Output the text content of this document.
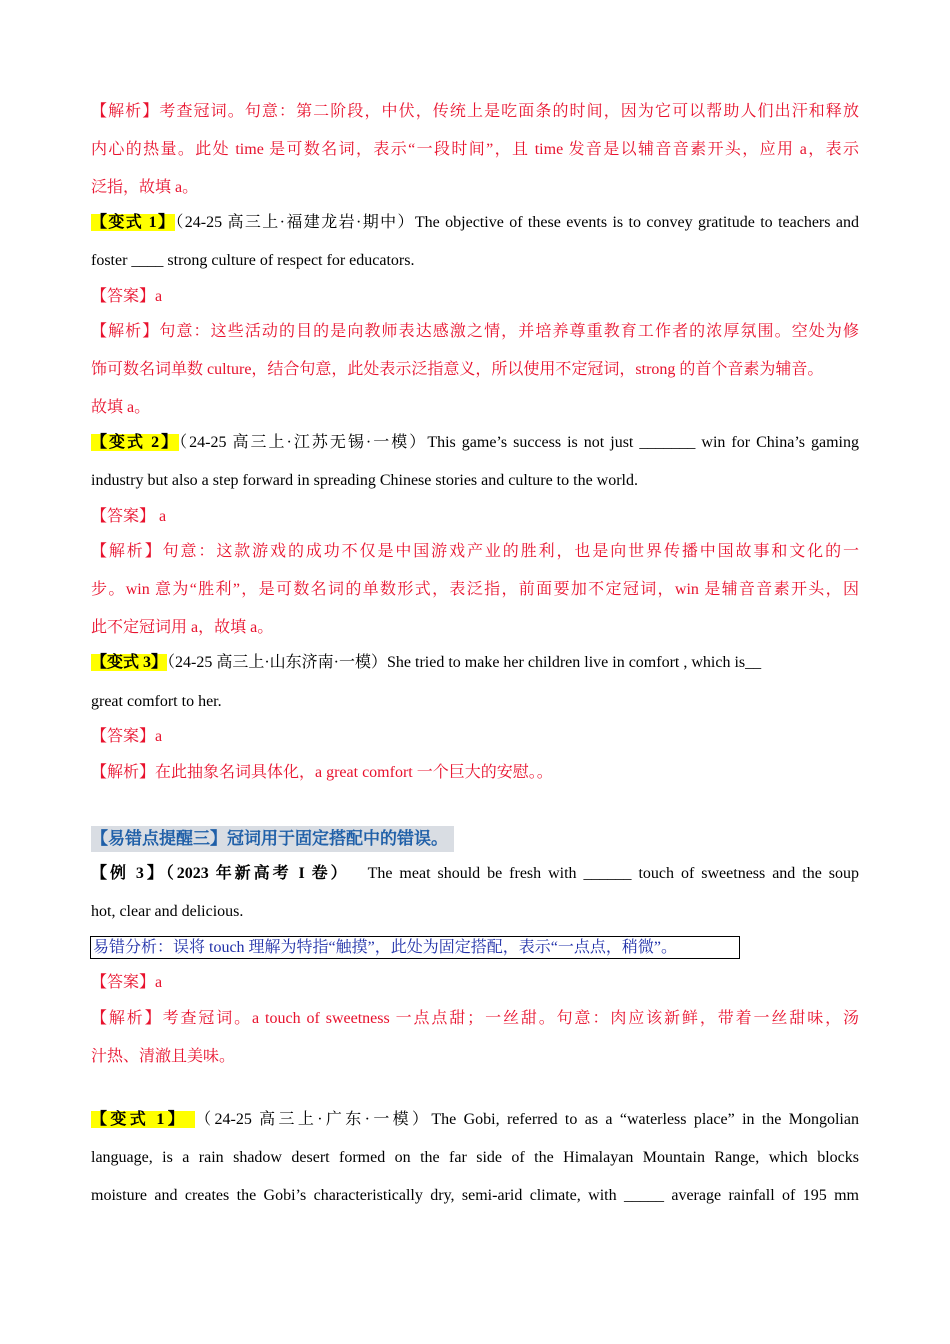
【解析】考查冠词。句意：第二阶段，中伏，传统上是吃面条的时间，因为它可以帮助人们出汗和释放
内心的热量。此处 time 是可数名词，表示“一段时间”，且 time 发音是以辅音音素开头，应用 a，表示
泛指，故填 a。
【变式 1】（24-25 高三上·福建龙岩·期中）The objective of these events is to convey gratitude to teachers and
foster ____ strong culture of respect for educators.
【答案】a
【解析】句意：这些活动的目的是向教师表达感激之情，并培养尊重教育工作者的浓厚氛围。空处为修
饰可数名词单数 culture，结合句意，此处表示泛指意义，所以使用不定冠词，strong 的首个音素为辅音。
故填 a。
【变式 2】（24-25 高三上·江苏无锡·一模）This game’s success is not just _______ win for China’s gaming
industry but also a step forward in spreading Chinese stories and culture to the world.
【答案】 a
【解析】句意：这款游戏的成功不仅是中国游戏产业的胜利，也是向世界传播中国故事和文化的一
步。win 意为“胜利”，是可数名词的单数形式，表泛指，前面要加不定冠词，win 是辅音音素开头，因
此不定冠词用 a，故填 a。
【变式 3】（24-25 高三上·山东济南·一模）She tried to make her children live in comfort , which is__
great comfort to her.
【答案】a
【解析】在此抽象名词具体化，a great comfort 一个巨大的安慰。。
【易错点提醒三】冠词用于固定搭配中的错误。
【例 3】（2023 年新高考 I 卷） The meat should be fresh with ______ touch of sweetness and the soup
hot, clear and delicious.
易错分析：误将 touch 理解为特指“触摸”，此处为固定搭配，表示“一点点，稍微”。
【答案】a
【解析】考查冠词。a touch of sweetness 一点点甜；一丝甜。句意：肉应该新鲜，带着一丝甜味，汤
汁热、清澈且美味。
【变式 1】 （24-25 高三上·广东·一模）The Gobi, referred to as a “waterless place” in the Mongolian
language, is a rain shadow desert formed on the far side of the Himalayan Mountain Range, which blocks
moisture and creates the Gobi’s characteristically dry, semi-arid climate, with _____ average rainfall of 195 mm
